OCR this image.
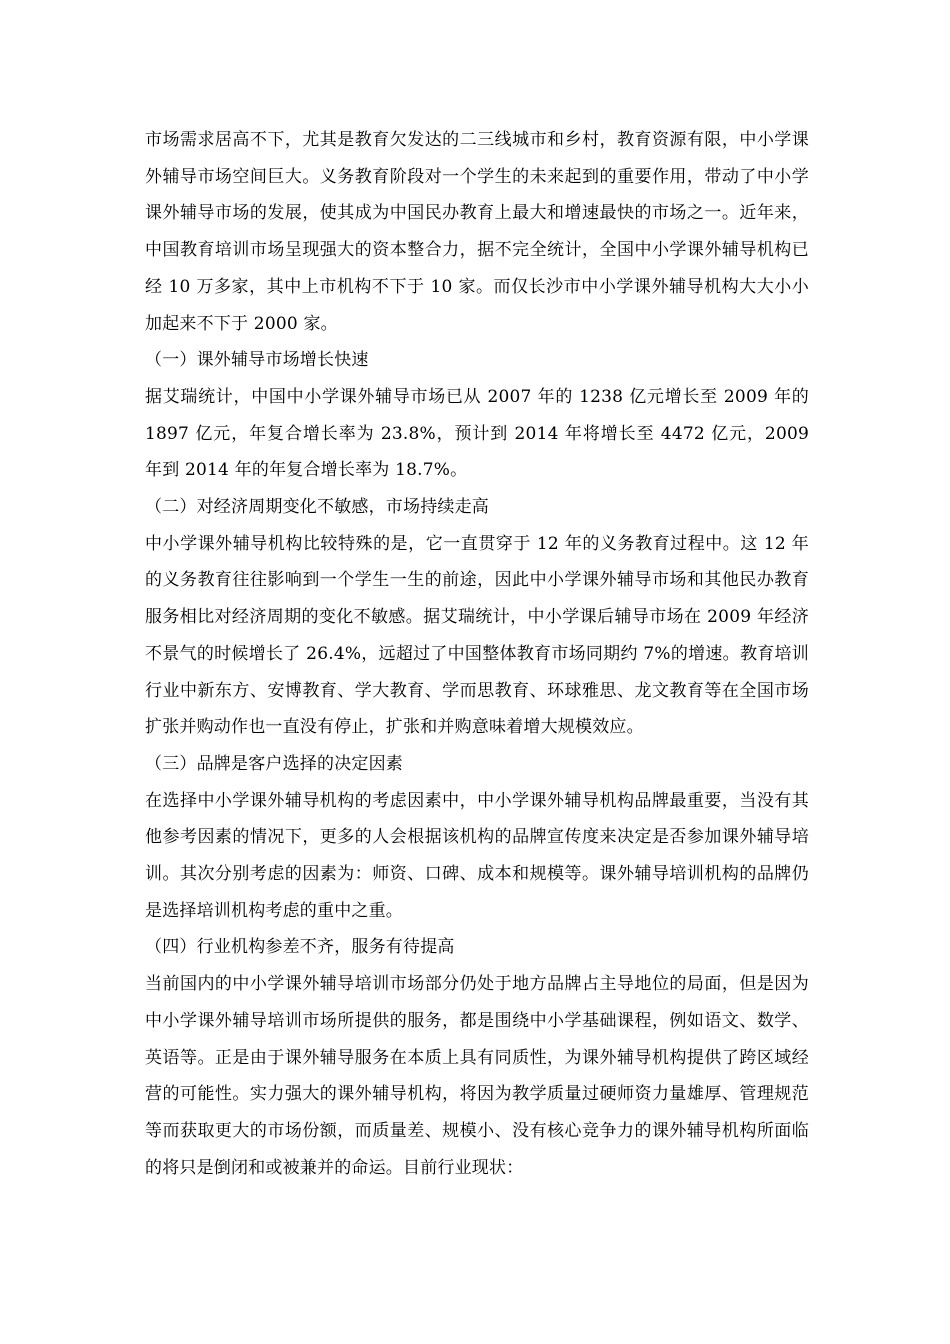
市场需求居高不下，尤其是教育欠发达的二三线城市和乡村，教育资源有限，中小学课外辅导市场空间巨大。义务教育阶段对一个学生的未来起到的重要作用，带动了中小学课外辅导市场的发展，使其成为中国民办教育上最大和增速最快的市场之一。近年来，中国教育培训市场呈现强大的资本整合力，据不完全统计，全国中小学课外辅导机构已经 10 万多家，其中上市机构不下于 10 家。而仅长沙市中小学课外辅导机构大大小小加起来不下于 2000 家。

（一）课外辅导市场增长快速

据艾瑞统计，中国中小学课外辅导市场已从 2007 年的 1238 亿元增长至 2009 年的 1897 亿元，年复合增长率为 23.8%，预计到 2014 年将增长至 4472 亿元，2009 年到 2014 年的年复合增长率为 18.7%。

（二）对经济周期变化不敏感，市场持续走高

中小学课外辅导机构比较特殊的是，它一直贯穿于 12 年的义务教育过程中。这 12 年的义务教育往往影响到一个学生一生的前途，因此中小学课外辅导市场和其他民办教育服务相比对经济周期的变化不敏感。据艾瑞统计，中小学课后辅导市场在 2009 年经济不景气的时候增长了 26.4%，远超过了中国整体教育市场同期约 7%的增速。教育培训行业中新东方、安博教育、学大教育、学而思教育、环球雅思、龙文教育等在全国市场扩张并购动作也一直没有停止，扩张和并购意味着增大规模效应。

（三）品牌是客户选择的决定因素

在选择中小学课外辅导机构的考虑因素中，中小学课外辅导机构品牌最重要，当没有其他参考因素的情况下，更多的人会根据该机构的品牌宣传度来决定是否参加课外辅导培训。其次分别考虑的因素为：师资、口碑、成本和规模等。课外辅导培训机构的品牌仍是选择培训机构考虑的重中之重。

（四）行业机构参差不齐，服务有待提高

当前国内的中小学课外辅导培训市场部分仍处于地方品牌占主导地位的局面，但是因为中小学课外辅导培训市场所提供的服务，都是围绕中小学基础课程，例如语文、数学、英语等。正是由于课外辅导服务在本质上具有同质性，为课外辅导机构提供了跨区域经营的可能性。实力强大的课外辅导机构，将因为教学质量过硬师资力量雄厚、管理规范等而获取更大的市场份额，而质量差、规模小、没有核心竞争力的课外辅导机构所面临的将只是倒闭和或被兼并的命运。目前行业现状：
